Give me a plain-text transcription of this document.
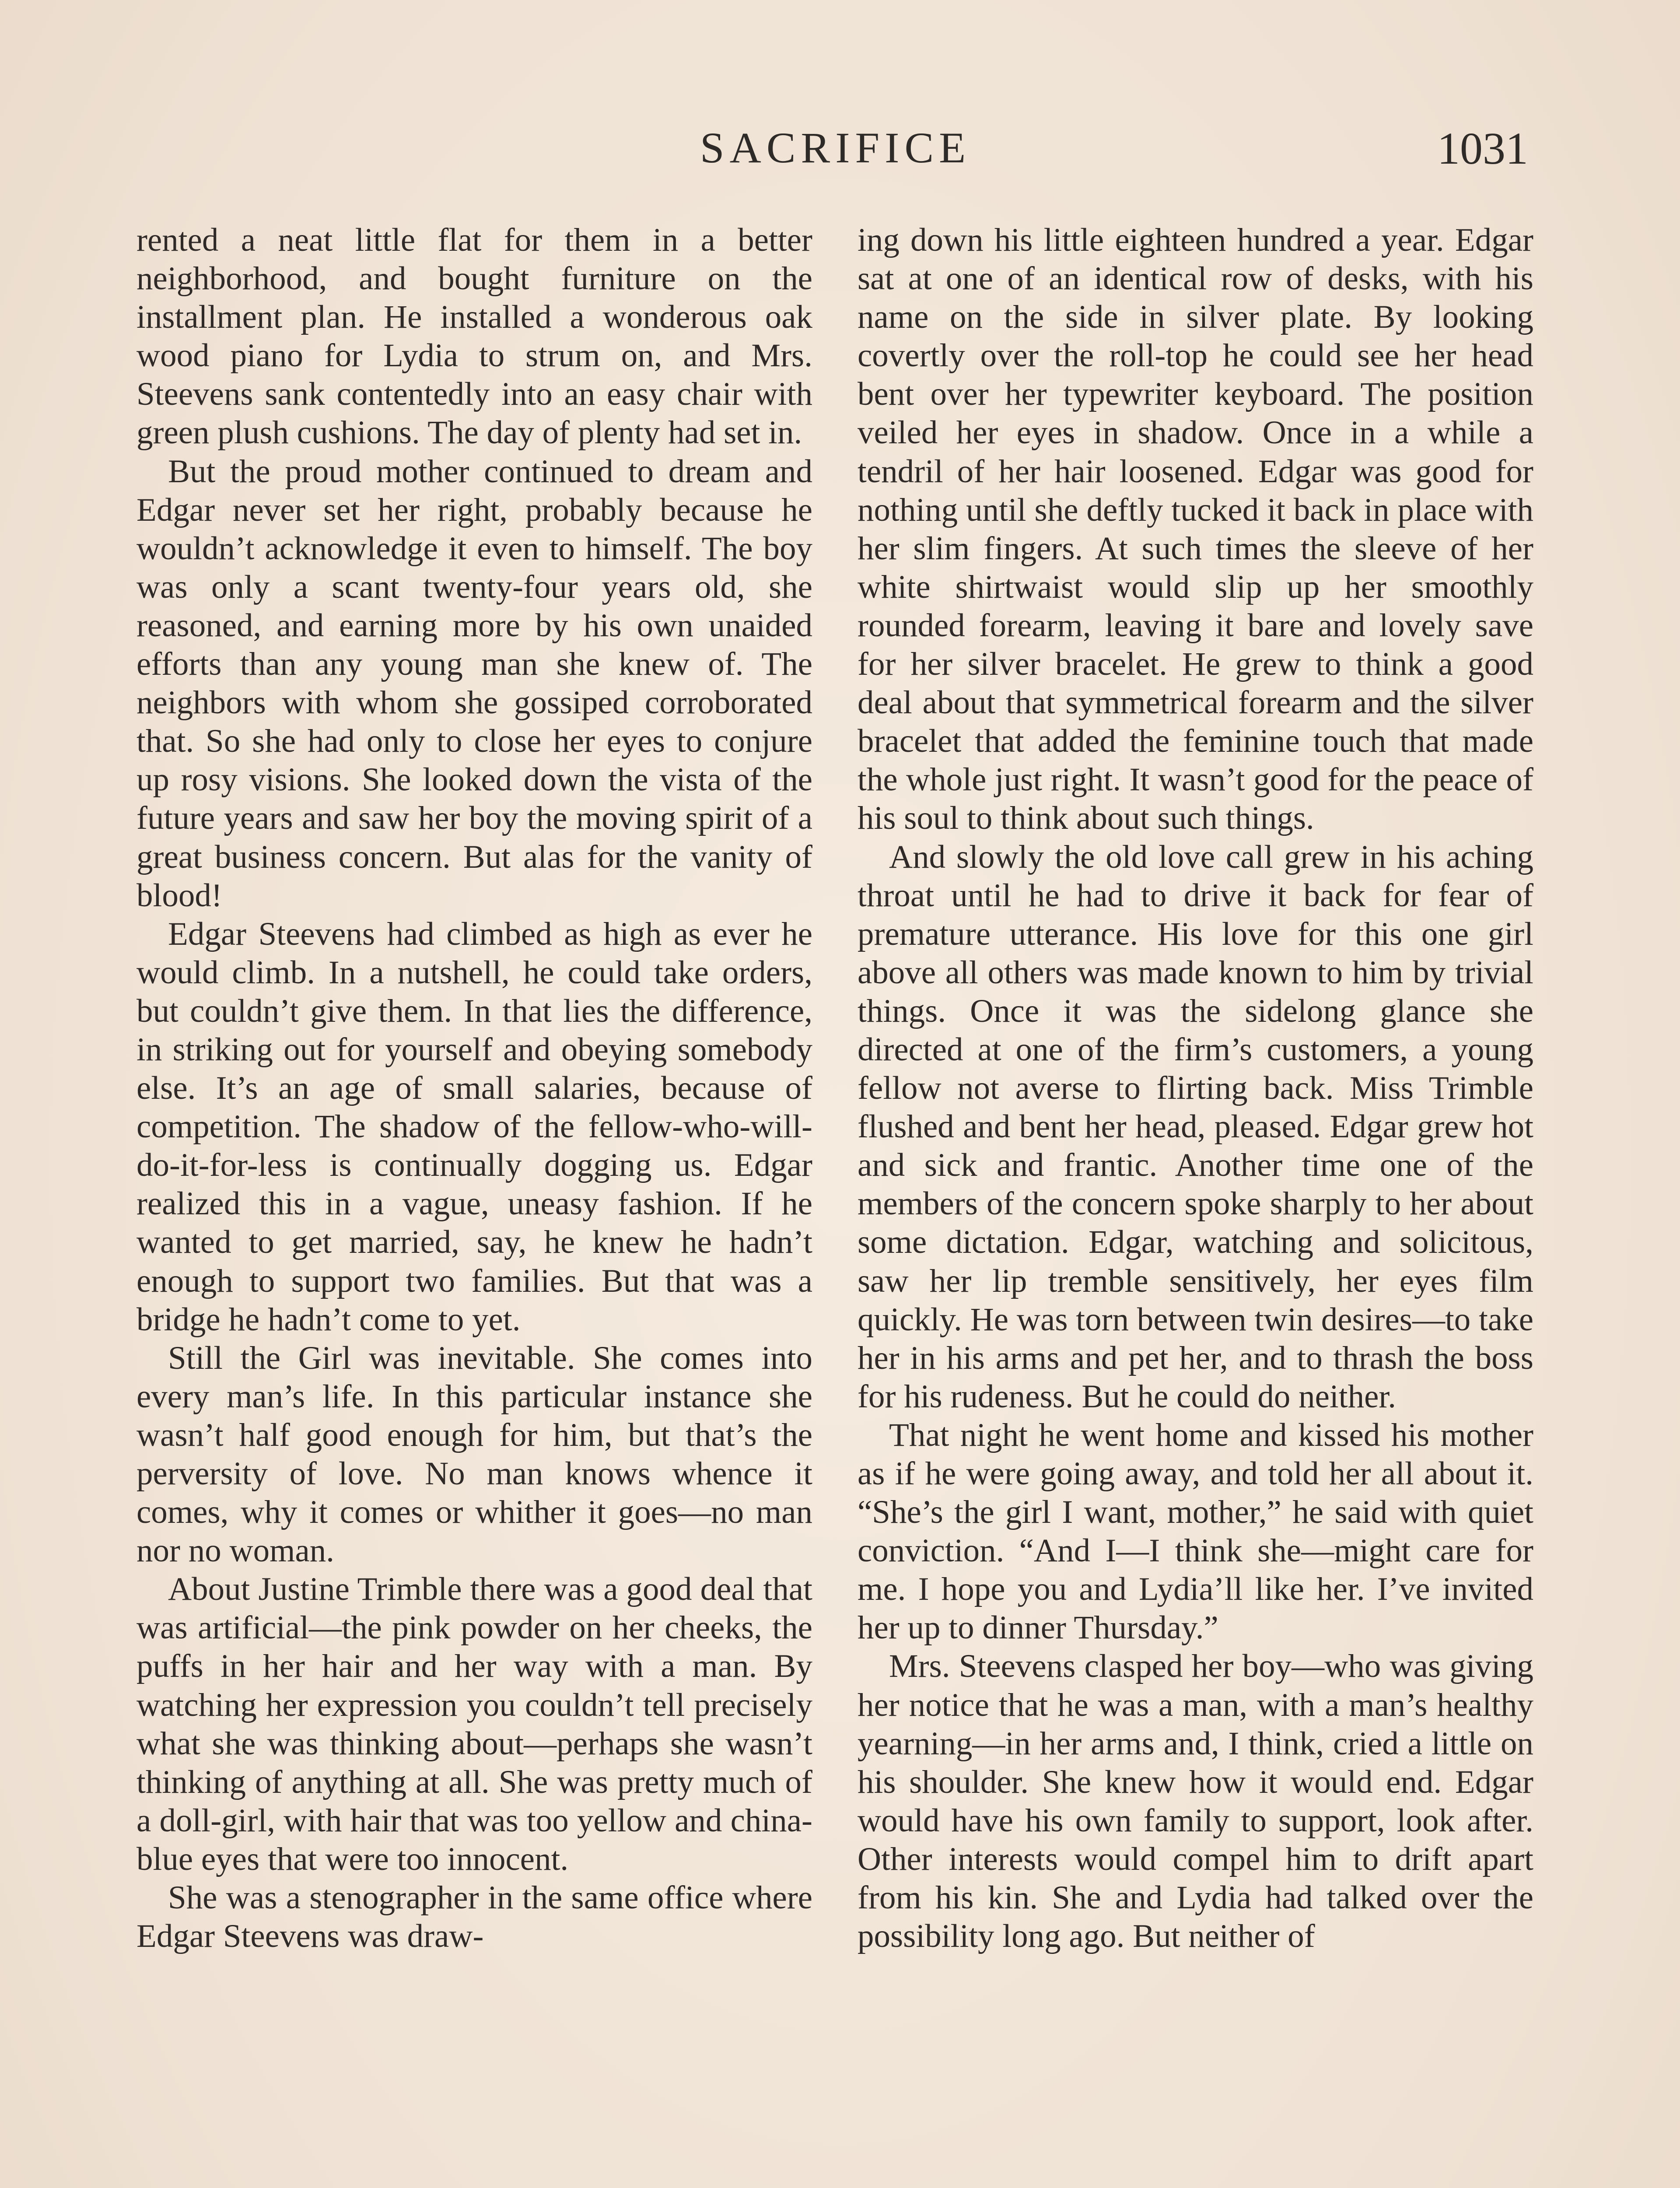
SACRIFICE	1031

rented a neat little flat for them in a better neighborhood, and bought furniture on the installment plan. He installed a wonderous oak wood piano for Lydia to strum on, and Mrs. Steevens sank contentedly into an easy chair with green plush cushions. The day of plenty had set in.

But the proud mother continued to dream and Edgar never set her right, probably because he wouldn’t acknowledge it even to himself. The boy was only a scant twenty-four years old, she reasoned, and earning more by his own unaided efforts than any young man she knew of. The neighbors with whom she gossiped corroborated that. So she had only to close her eyes to conjure up rosy visions. She looked down the vista of the future years and saw her boy the moving spirit of a great business concern. But alas for the vanity of blood!

Edgar Steevens had climbed as high as ever he would climb. In a nutshell, he could take orders, but couldn’t give them. In that lies the difference, in striking out for yourself and obeying somebody else. It’s an age of small salaries, because of competition. The shadow of the fellow-who-will-do-it-for-less is continually dogging us. Edgar realized this in a vague, uneasy fashion. If he wanted to get married, say, he knew he hadn’t enough to support two families. But that was a bridge he hadn’t come to yet.

Still the Girl was inevitable. She comes into every man’s life. In this particular instance she wasn’t half good enough for him, but that’s the perversity of love. No man knows whence it comes, why it comes or whither it goes—no man nor no woman.

About Justine Trimble there was a good deal that was artificial—the pink powder on her cheeks, the puffs in her hair and her way with a man. By watching her expression you couldn’t tell precisely what she was thinking about—perhaps she wasn’t thinking of anything at all. She was pretty much of a doll-girl, with hair that was too yellow and china-blue eyes that were too innocent.

She was a stenographer in the same office where Edgar Steevens was draw-

ing down his little eighteen hundred a year. Edgar sat at one of an identical row of desks, with his name on the side in silver plate. By looking covertly over the roll-top he could see her head bent over her typewriter keyboard. The position veiled her eyes in shadow. Once in a while a tendril of her hair loosened. Edgar was good for nothing until she deftly tucked it back in place with her slim fingers. At such times the sleeve of her white shirtwaist would slip up her smoothly rounded forearm, leaving it bare and lovely save for her silver bracelet. He grew to think a good deal about that symmetrical forearm and the silver bracelet that added the feminine touch that made the whole just right. It wasn’t good for the peace of his soul to think about such things.

And slowly the old love call grew in his aching throat until he had to drive it back for fear of premature utterance. His love for this one girl above all others was made known to him by trivial things. Once it was the sidelong glance she directed at one of the firm’s customers, a young fellow not averse to flirting back. Miss Trimble flushed and bent her head, pleased. Edgar grew hot and sick and frantic. Another time one of the members of the concern spoke sharply to her about some dictation. Edgar, watching and solicitous, saw her lip tremble sensitively, her eyes film quickly. He was torn between twin desires—to take her in his arms and pet her, and to thrash the boss for his rudeness. But he could do neither.

That night he went home and kissed his mother as if he were going away, and told her all about it. “She’s the girl I want, mother,” he said with quiet conviction. “And I—I think she—might care for me. I hope you and Lydia’ll like her. I’ve invited her up to dinner Thursday.”

Mrs. Steevens clasped her boy—who was giving her notice that he was a man, with a man’s healthy yearning—in her arms and, I think, cried a little on his shoulder. She knew how it would end. Edgar would have his own family to support, look after. Other interests would compel him to drift apart from his kin. She and Lydia had talked over the possibility long ago. But neither of
